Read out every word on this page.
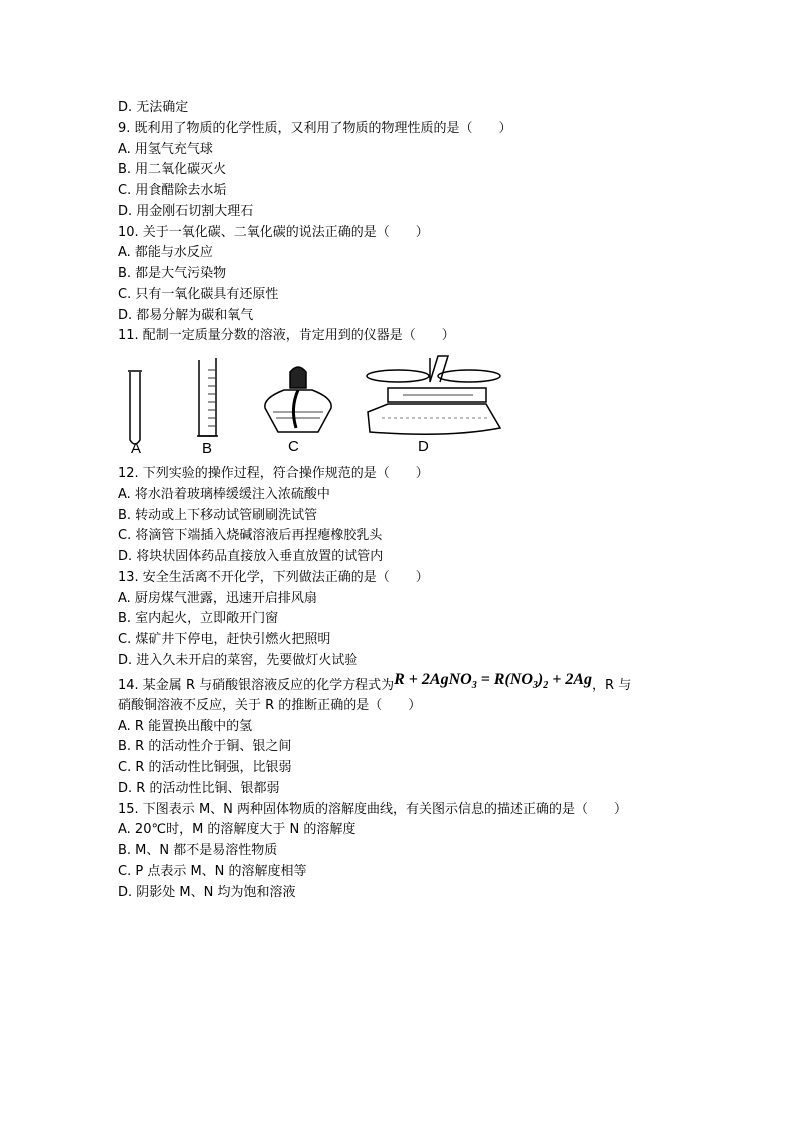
D. 无法确定
9. 既利用了物质的化学性质，又利用了物质的物理性质的是（　　）
A. 用氢气充气球
B. 用二氧化碳灭火
C. 用食醋除去水垢
D. 用金刚石切割大理石
10. 关于一氧化碳、二氧化碳的说法正确的是（　　）
A. 都能与水反应
B. 都是大气污染物
C. 只有一氧化碳具有还原性
D. 都易分解为碳和氧气
11. 配制一定质量分数的溶液，肯定用到的仪器是（　　）
A	B	C	D
12. 下列实验的操作过程，符合操作规范的是（　　）
A. 将水沿着玻璃棒缓缓注入浓硫酸中
B. 转动或上下移动试管刷刷洗试管
C. 将滴管下端插入烧碱溶液后再捏瘪橡胶乳头
D. 将块状固体药品直接放入垂直放置的试管内
13. 安全生活离不开化学，下列做法正确的是（　　）
A. 厨房煤气泄露，迅速开启排风扇
B. 室内起火，立即敞开门窗
C. 煤矿井下停电，赶快引燃火把照明
D. 进入久未开启的菜窖，先要做灯火试验
14. 某金属 R 与硝酸银溶液反应的化学方程式为R + 2AgNO$_3$ = $R(NO_3)_2 + 2Ag$，R 与
硝酸铜溶液不反应，关于 R 的推断正确的是（　　）
A. R 能置换出酸中的氢
B. R 的活动性介于铜、银之间
C. R 的活动性比铜强，比银弱
D. R 的活动性比铜、银都弱
15. 下图表示 M、N 两种固体物质的溶解度曲线，有关图示信息的描述正确的是（　　）
A. 20℃时，M 的溶解度大于 N 的溶解度
B. M、N 都不是易溶性物质
C. P 点表示 M、N 的溶解度相等
D. 阴影处 M、N 均为饱和溶液
